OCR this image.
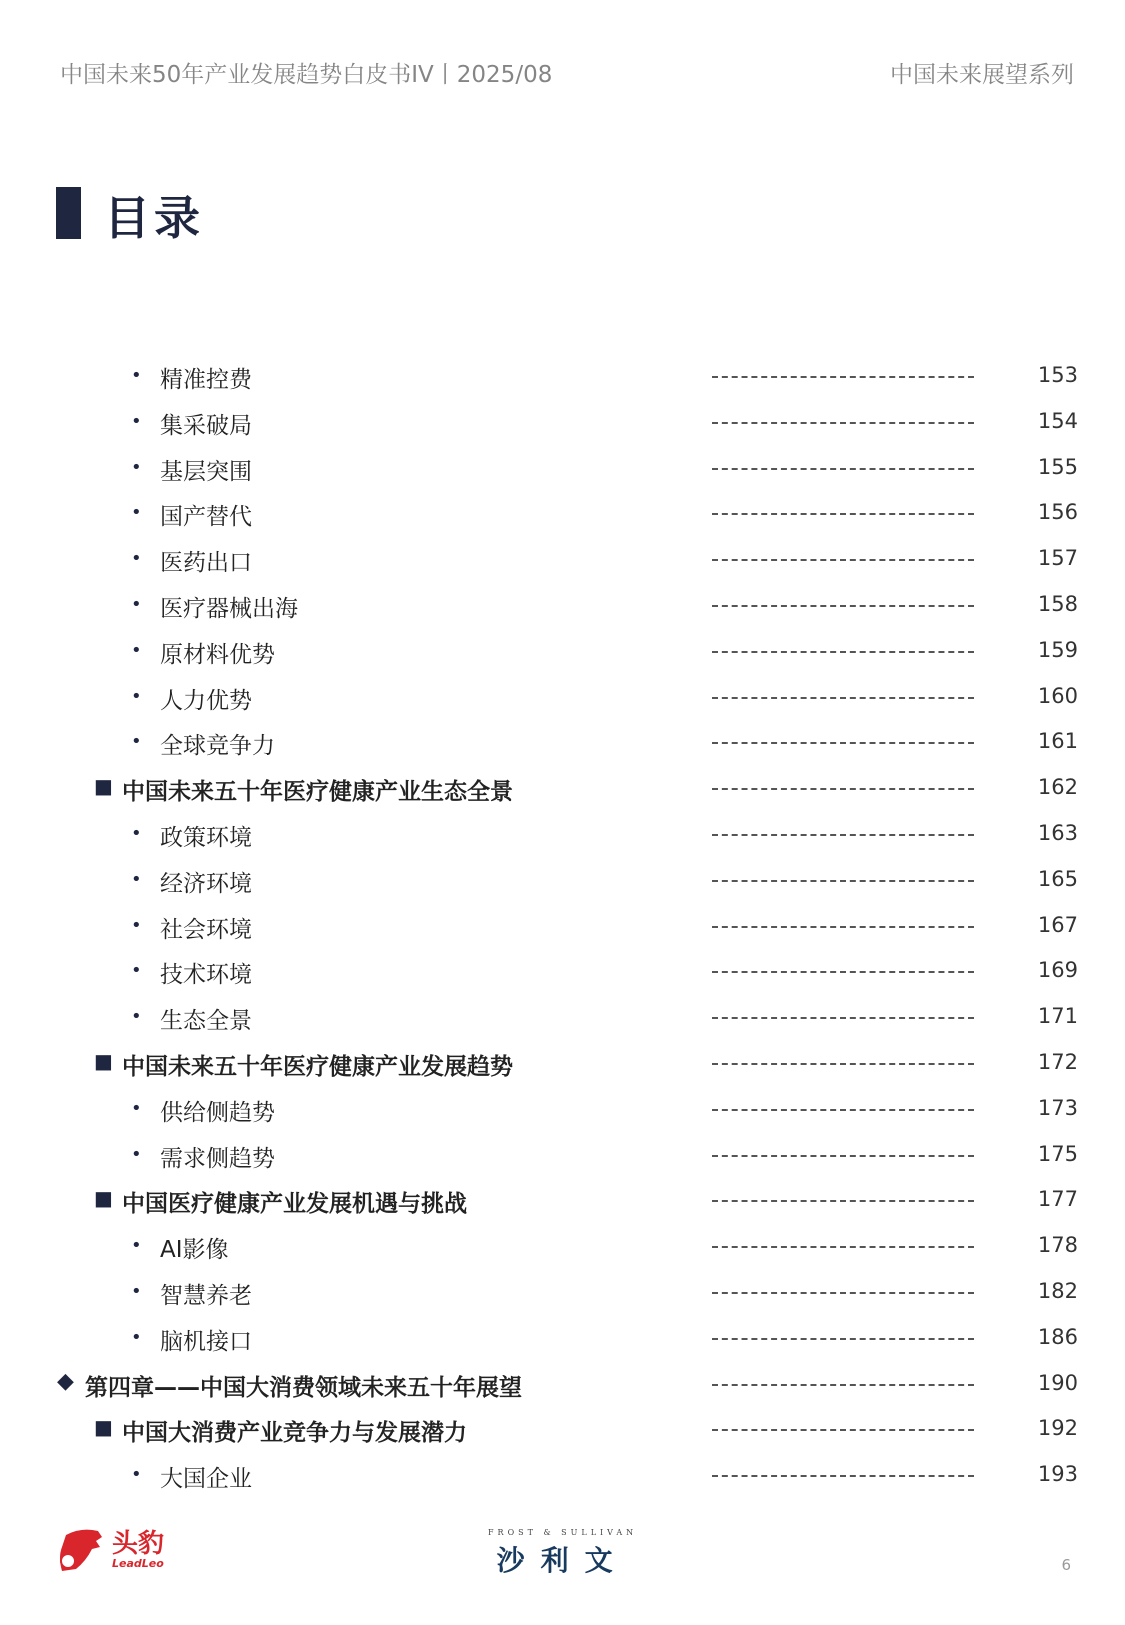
中国未来50年产业发展趋势白皮书IV丨2025/08	中国未来展望系列
目录
• 精准控费	153
• 集采破局	154
• 基层突围	155
• 国产替代	156
• 医药出口	157
• 医疗器械出海	158
• 原材料优势	159
• 人力优势	160
• 全球竞争力	161
■ 中国未来五十年医疗健康产业生态全景	162
• 政策环境	163
• 经济环境	165
• 社会环境	167
• 技术环境	169
• 生态全景	171
■ 中国未来五十年医疗健康产业发展趋势	172
• 供给侧趋势	173
• 需求侧趋势	175
■ 中国医疗健康产业发展机遇与挑战	177
• AI影像	178
• 智慧养老	182
• 脑机接口	186
◆ 第四章——中国大消费领域未来五十年展望	190
■ 中国大消费产业竞争力与发展潜力	192
• 大国企业	193
头豹
LeadLeo
FROST & SULLIVAN
沙利文	6
